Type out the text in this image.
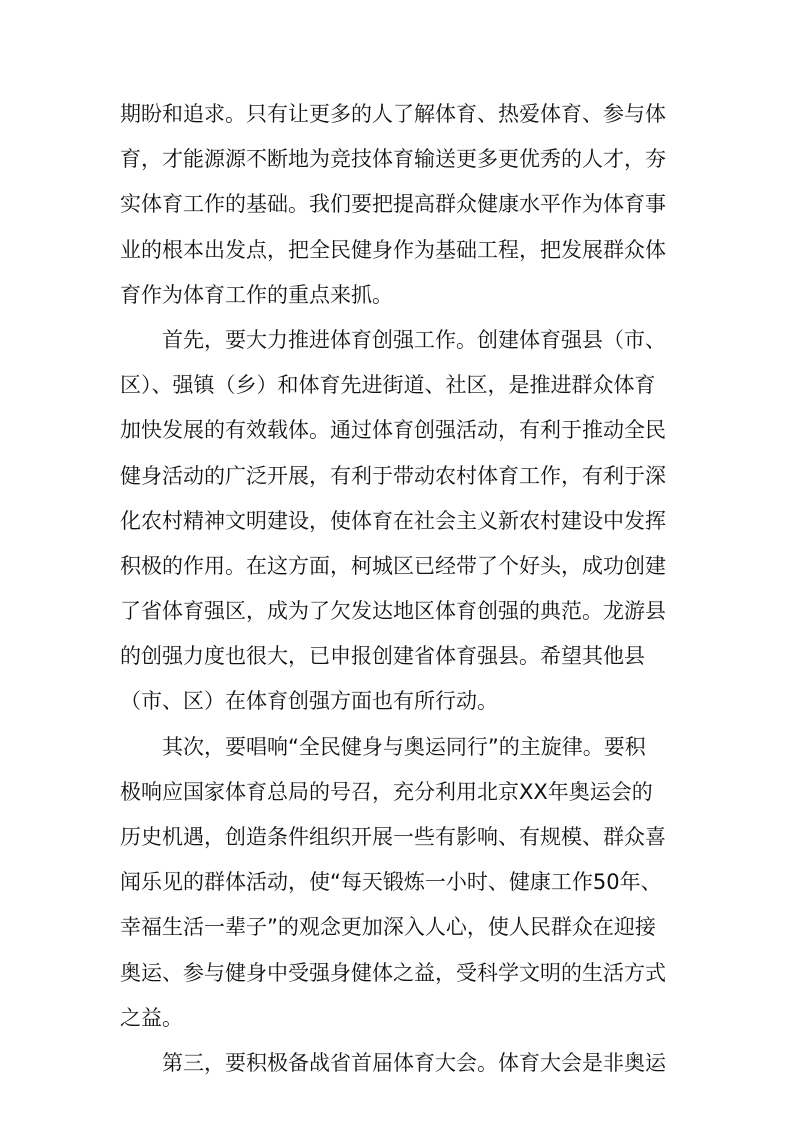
期盼和追求。只有让更多的人了解体育、热爱体育、参与体
育，才能源源不断地为竞技体育输送更多更优秀的人才，夯
实体育工作的基础。我们要把提高群众健康水平作为体育事
业的根本出发点，把全民健身作为基础工程，把发展群众体
育作为体育工作的重点来抓。
首先，要大力推进体育创强工作。创建体育强县（市、
区）、强镇（乡）和体育先进街道、社区，是推进群众体育
加快发展的有效载体。通过体育创强活动，有利于推动全民
健身活动的广泛开展，有利于带动农村体育工作，有利于深
化农村精神文明建设，使体育在社会主义新农村建设中发挥
积极的作用。在这方面，柯城区已经带了个好头，成功创建
了省体育强区，成为了欠发达地区体育创强的典范。龙游县
的创强力度也很大，已申报创建省体育强县。希望其他县
（市、区）在体育创强方面也有所行动。
其次，要唱响“全民健身与奥运同行”的主旋律。要积
极响应国家体育总局的号召，充分利用北京XX年奥运会的
历史机遇，创造条件组织开展一些有影响、有规模、群众喜
闻乐见的群体活动，使“每天锻炼一小时、健康工作50年、
幸福生活一辈子”的观念更加深入人心，使人民群众在迎接
奥运、参与健身中受强身健体之益，受科学文明的生活方式
之益。
第三，要积极备战省首届体育大会。体育大会是非奥运
